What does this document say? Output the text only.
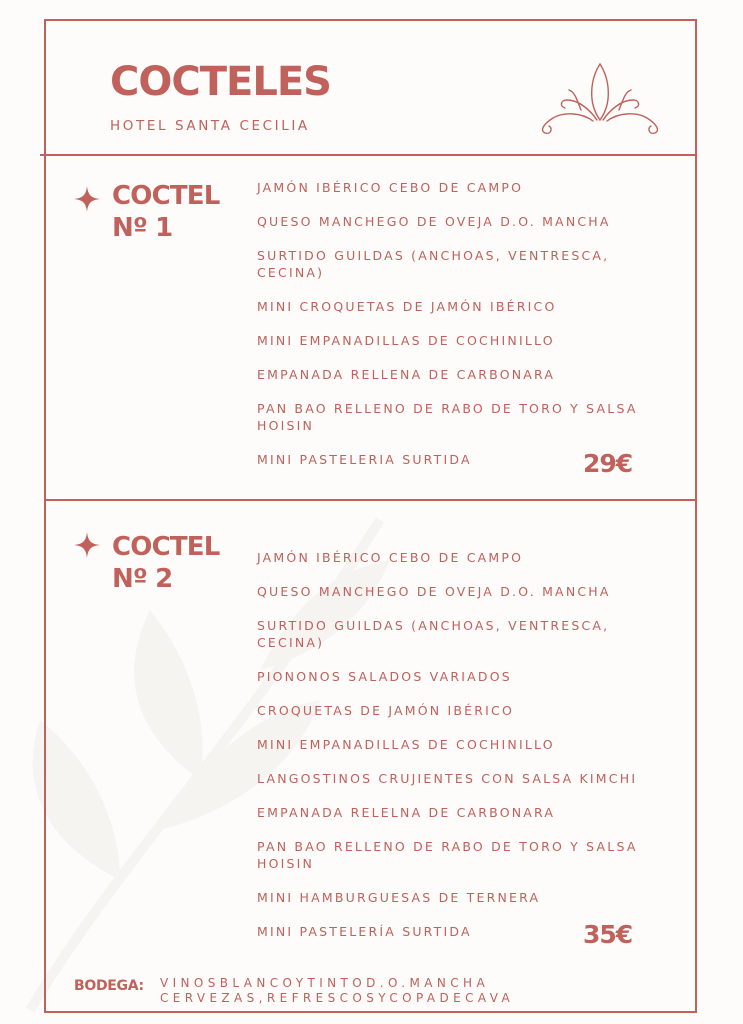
COCTELES
HOTEL SANTA CECILIA
COCTEL
Nº 1
JAMÓN IBÉRICO CEBO DE CAMPO
QUESO MANCHEGO DE OVEJA D.O. MANCHA
SURTIDO GUILDAS (ANCHOAS, VENTRESCA, CECINA)
MINI CROQUETAS DE JAMÓN IBÉRICO
MINI EMPANADILLAS DE COCHINILLO
EMPANADA RELLENA DE CARBONARA
PAN BAO RELLENO DE RABO DE TORO Y SALSA HOISIN
MINI PASTELERIA SURTIDA	29€
COCTEL
Nº 2
JAMÓN IBÉRICO CEBO DE CAMPO
QUESO MANCHEGO DE OVEJA D.O. MANCHA
SURTIDO GUILDAS (ANCHOAS, VENTRESCA, CECINA)
PIONONOS SALADOS VARIADOS
CROQUETAS DE JAMÓN IBÉRICO
MINI EMPANADILLAS DE COCHINILLO
LANGOSTINOS CRUJIENTES CON SALSA KIMCHI
EMPANADA RELELNA DE CARBONARA
PAN BAO RELLENO DE RABO DE TORO Y SALSA HOISIN
MINI HAMBURGUESAS DE TERNERA
MINI PASTELERÍA SURTIDA	35€
BODEGA: VINOSBLANCOYTINTOD.O.MANCHA
CERVEZAS,REFRESCOSYCOPADECAVA
